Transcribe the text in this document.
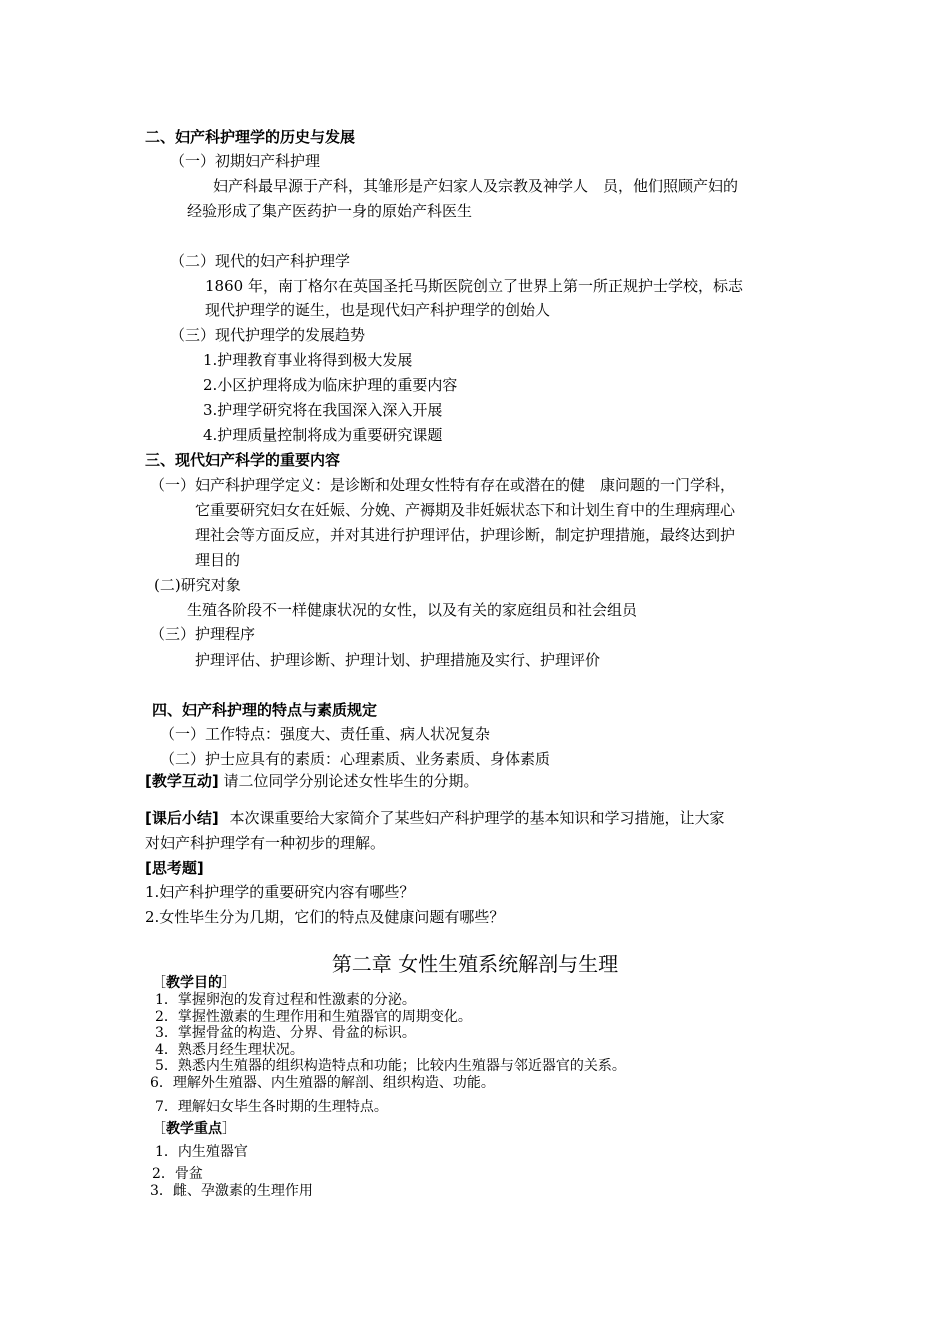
二、妇产科护理学的历史与发展
（一）初期妇产科护理
妇产科最早源于产科，其雏形是产妇家人及宗教及神学人　员，他们照顾产妇的
经验形成了集产医药护一身的原始产科医生
（二）现代的妇产科护理学
1860 年，南丁格尔在英国圣托马斯医院创立了世界上第一所正规护士学校，标志
现代护理学的诞生，也是现代妇产科护理学的创始人
（三）现代护理学的发展趋势
1.护理教育事业将得到极大发展
2.小区护理将成为临床护理的重要内容
3.护理学研究将在我国深入深入开展
4.护理质量控制将成为重要研究课题
三、现代妇产科学的重要内容
（一）妇产科护理学定义：是诊断和处理女性特有存在或潜在的健　康问题的一门学科，
它重要研究妇女在妊娠、分娩、产褥期及非妊娠状态下和计划生育中的生理病理心
理社会等方面反应，并对其进行护理评估，护理诊断，制定护理措施，最终达到护
理目的
(二)研究对象
生殖各阶段不一样健康状况的女性，以及有关的家庭组员和社会组员
（三）护理程序
护理评估、护理诊断、护理计划、护理措施及实行、护理评价
四、妇产科护理的特点与素质规定
（一）工作特点：强度大、责任重、病人状况复杂
（二）护士应具有的素质：心理素质、业务素质、身体素质
[教学互动] 请二位同学分别论述女性毕生的分期。
[课后小结] 本次课重要给大家简介了某些妇产科护理学的基本知识和学习措施，让大家
对妇产科护理学有一种初步的理解。
[思考题]
1.妇产科护理学的重要研究内容有哪些？
2.女性毕生分为几期，它们的特点及健康问题有哪些？
第二章 女性生殖系统解剖与生理
［教学目的］
1．掌握卵泡的发育过程和性激素的分泌。
2．掌握性激素的生理作用和生殖器官的周期变化。
3．掌握骨盆的构造、分界、骨盆的标识。
4．熟悉月经生理状况。
5．熟悉内生殖器的组织构造特点和功能；比较内生殖器与邻近器官的关系。
6．理解外生殖器、内生殖器的解剖、组织构造、功能。
7．理解妇女毕生各时期的生理特点。
［教学重点］
1．内生殖器官
2．骨盆
3．雌、孕激素的生理作用
